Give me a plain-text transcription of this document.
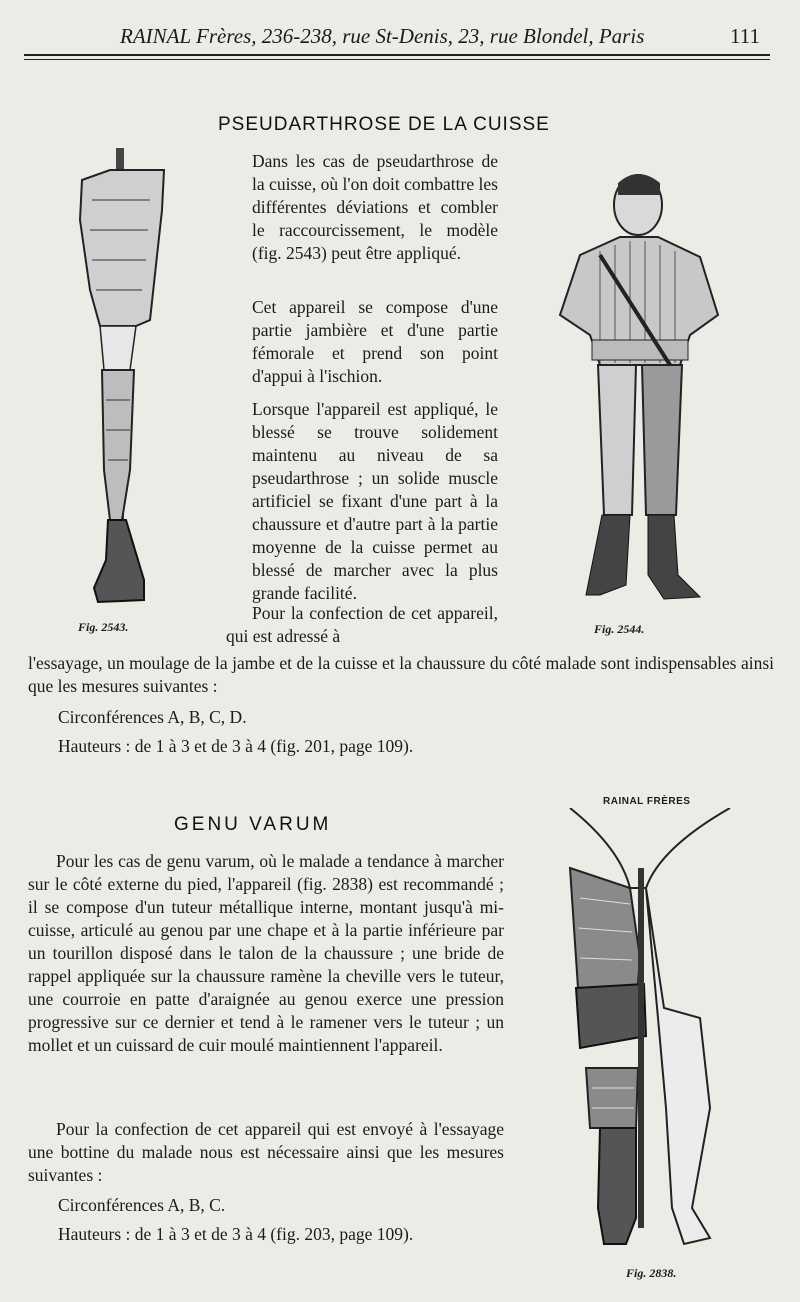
RAINAL Frères, 236-238, rue St-Denis, 23, rue Blondel, Paris	111
PSEUDARTHROSE DE LA CUISSE
Dans les cas de pseudarthrose de la cuisse, où l'on doit combattre les différentes déviations et combler le raccourcissement, le modèle (fig. 2543) peut être appliqué.
Cet appareil se compose d'une partie jambière et d'une partie fémorale et prend son point d'appui à l'ischion.
Lorsque l'appareil est appliqué, le blessé se trouve solidement maintenu au niveau de sa pseudarthrose ; un solide muscle artificiel se fixant d'une part à la chaussure et d'autre part à la partie moyenne de la cuisse permet au blessé de marcher avec la plus grande facilité.
Pour la confection de cet appareil, qui est adressé à
l'essayage, un moulage de la jambe et de la cuisse et la chaussure du côté malade sont indispensables ainsi que les mesures suivantes :
Circonférences A, B, C, D.
Hauteurs : de 1 à 3 et de 3 à 4 (fig. 201, page 109).
Fig. 2543.	Fig. 2544.
GENU VARUM
Pour les cas de genu varum, où le malade a tendance à marcher sur le côté externe du pied, l'appareil (fig. 2838) est recommandé ; il se compose d'un tuteur métallique interne, montant jusqu'à mi-cuisse, articulé au genou par une chape et à la partie inférieure par un tourillon disposé dans le talon de la chaussure ; une bride de rappel appliquée sur la chaussure ramène la cheville vers le tuteur, une courroie en patte d'araignée au genou exerce une pression progressive sur ce dernier et tend à le ramener vers le tuteur ; un mollet et un cuissard de cuir moulé maintiennent l'appareil.
Pour la confection de cet appareil qui est envoyé à l'essayage une bottine du malade nous est nécessaire ainsi que les mesures suivantes :
Circonférences A, B, C.
Hauteurs : de 1 à 3 et de 3 à 4 (fig. 203, page 109).
RAINAL FRÈRES
Fig. 2838.
